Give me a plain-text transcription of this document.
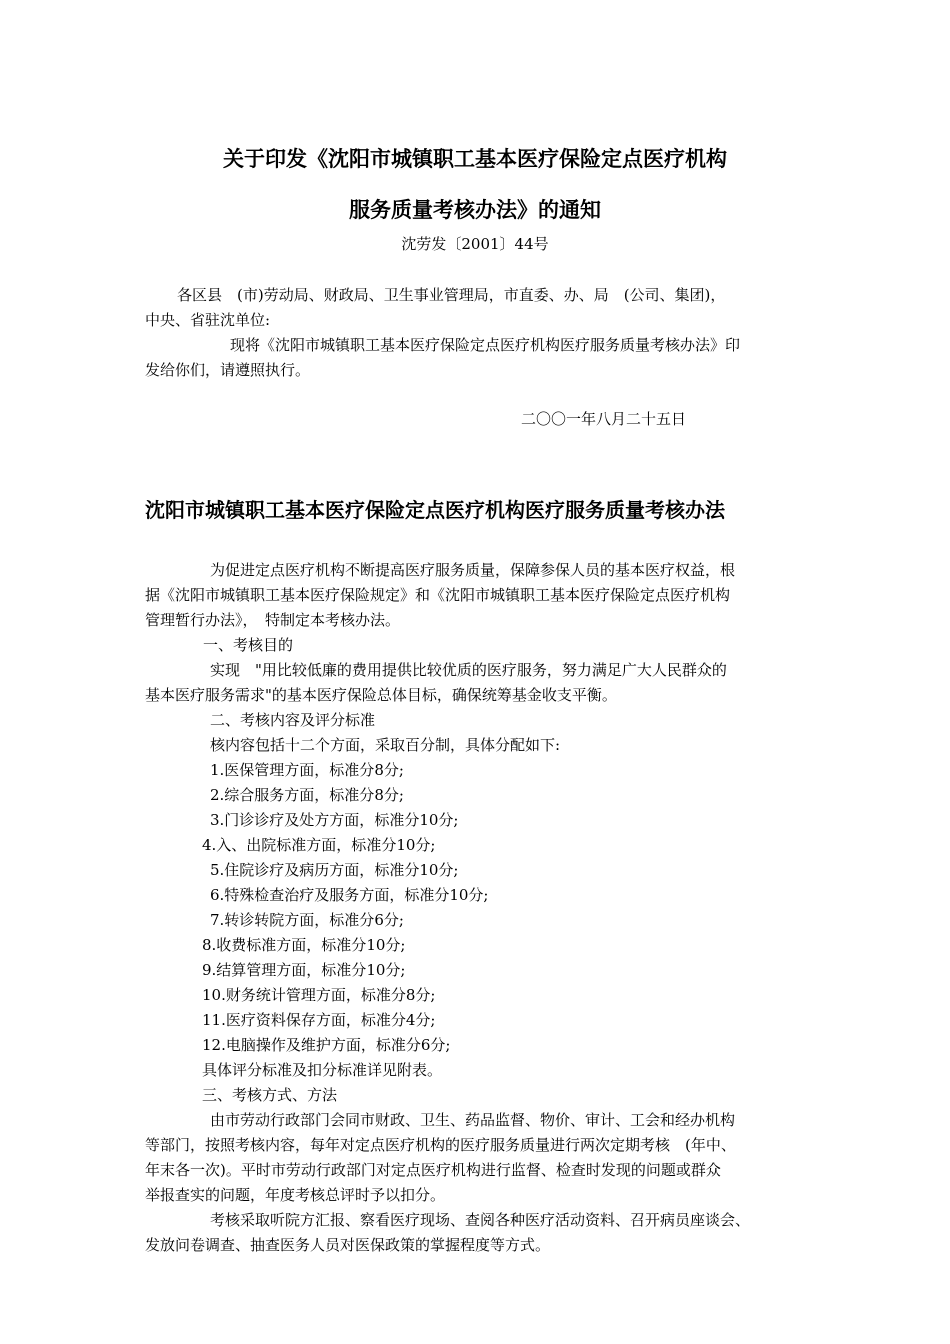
关于印发《沈阳市城镇职工基本医疗保险定点医疗机构
服务质量考核办法》的通知
沈劳发〔2001〕44号
各区县　(市)劳动局、财政局、卫生事业管理局，市直委、办、局　(公司、集团)，
中央、省驻沈单位:
现将《沈阳市城镇职工基本医疗保险定点医疗机构医疗服务质量考核办法》印
发给你们，请遵照执行。
二〇〇一年八月二十五日
沈阳市城镇职工基本医疗保险定点医疗机构医疗服务质量考核办法
为促进定点医疗机构不断提高医疗服务质量，保障参保人员的基本医疗权益，根
据《沈阳市城镇职工基本医疗保险规定》和《沈阳市城镇职工基本医疗保险定点医疗机构
管理暂行办法》，　特制定本考核办法。
一、考核目的
实现　"用比较低廉的费用提供比较优质的医疗服务，努力满足广大人民群众的
基本医疗服务需求"的基本医疗保险总体目标，确保统筹基金收支平衡。
二、考核内容及评分标准
核内容包括十二个方面，采取百分制，具体分配如下:
1.医保管理方面，标准分8分;
2.综合服务方面，标准分8分;
3.门诊诊疗及处方方面，标准分10分;
4.入、出院标准方面，标准分10分;
5.住院诊疗及病历方面，标准分10分;
6.特殊检查治疗及服务方面，标准分10分;
7.转诊转院方面，标准分6分;
8.收费标准方面，标准分10分;
9.结算管理方面，标准分10分;
10.财务统计管理方面，标准分8分;
11.医疗资料保存方面，标准分4分;
12.电脑操作及维护方面，标准分6分;
具体评分标准及扣分标准详见附表。
三、考核方式、方法
由市劳动行政部门会同市财政、卫生、药品监督、物价、审计、工会和经办机构
等部门，按照考核内容，每年对定点医疗机构的医疗服务质量进行两次定期考核　(年中、
年末各一次)。平时市劳动行政部门对定点医疗机构进行监督、检查时发现的问题或群众
举报查实的问题，年度考核总评时予以扣分。
考核采取听院方汇报、察看医疗现场、查阅各种医疗活动资料、召开病员座谈会、
发放问卷调查、抽查医务人员对医保政策的掌握程度等方式。
